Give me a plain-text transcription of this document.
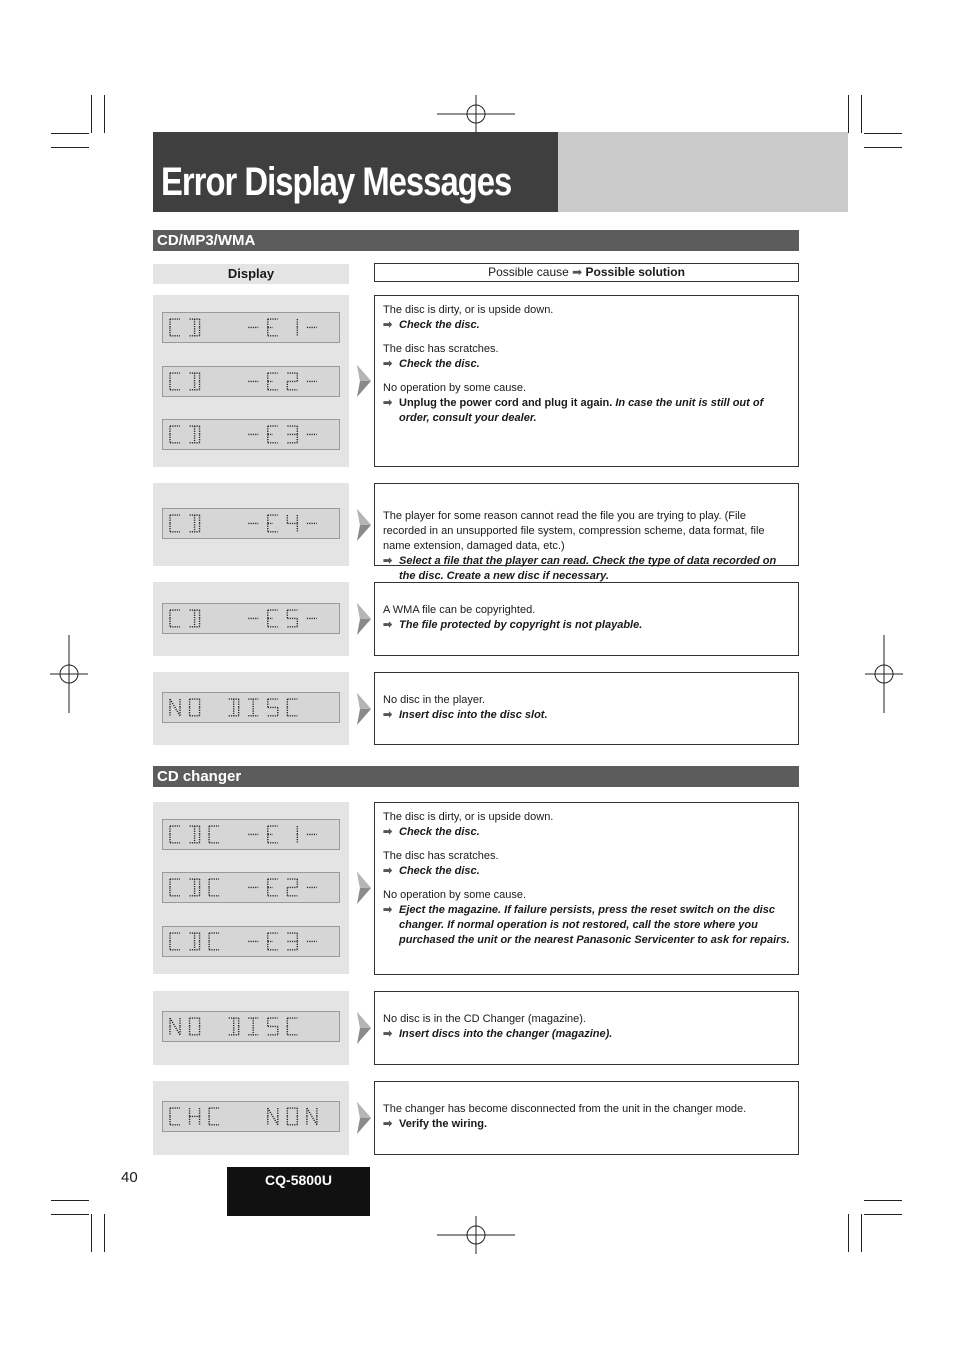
Error Display Messages
CD/MP3/WMA
Display	Possible cause ➡ Possible solution
The disc is dirty, or is upside down.
➡ Check the disc.
The disc has scratches.
➡ Check the disc.
No operation by some cause.
➡ Unplug the power cord and plug it again. In case the unit is still out of order, consult your dealer.
The player for some reason cannot read the file you are trying to play. (File recorded in an unsupported file system, compression scheme, data format, file name extension, damaged data, etc.)
➡ Select a file that the player can read. Check the type of data recorded on the disc. Create a new disc if necessary.
A WMA file can be copyrighted.
➡ The file protected by copyright is not playable.
No disc in the player.
➡ Insert disc into the disc slot.
CD changer
The disc is dirty, or is upside down.
➡ Check the disc.
The disc has scratches.
➡ Check the disc.
No operation by some cause.
➡ Eject the magazine. If failure persists, press the reset switch on the disc changer. If normal operation is not restored, call the store where you purchased the unit or the nearest Panasonic Servicenter to ask for repairs.
No disc is in the CD Changer (magazine).
➡ Insert discs into the changer (magazine).
The changer has become disconnected from the unit in the changer mode.
➡ Verify the wiring.
40	CQ-5800U
